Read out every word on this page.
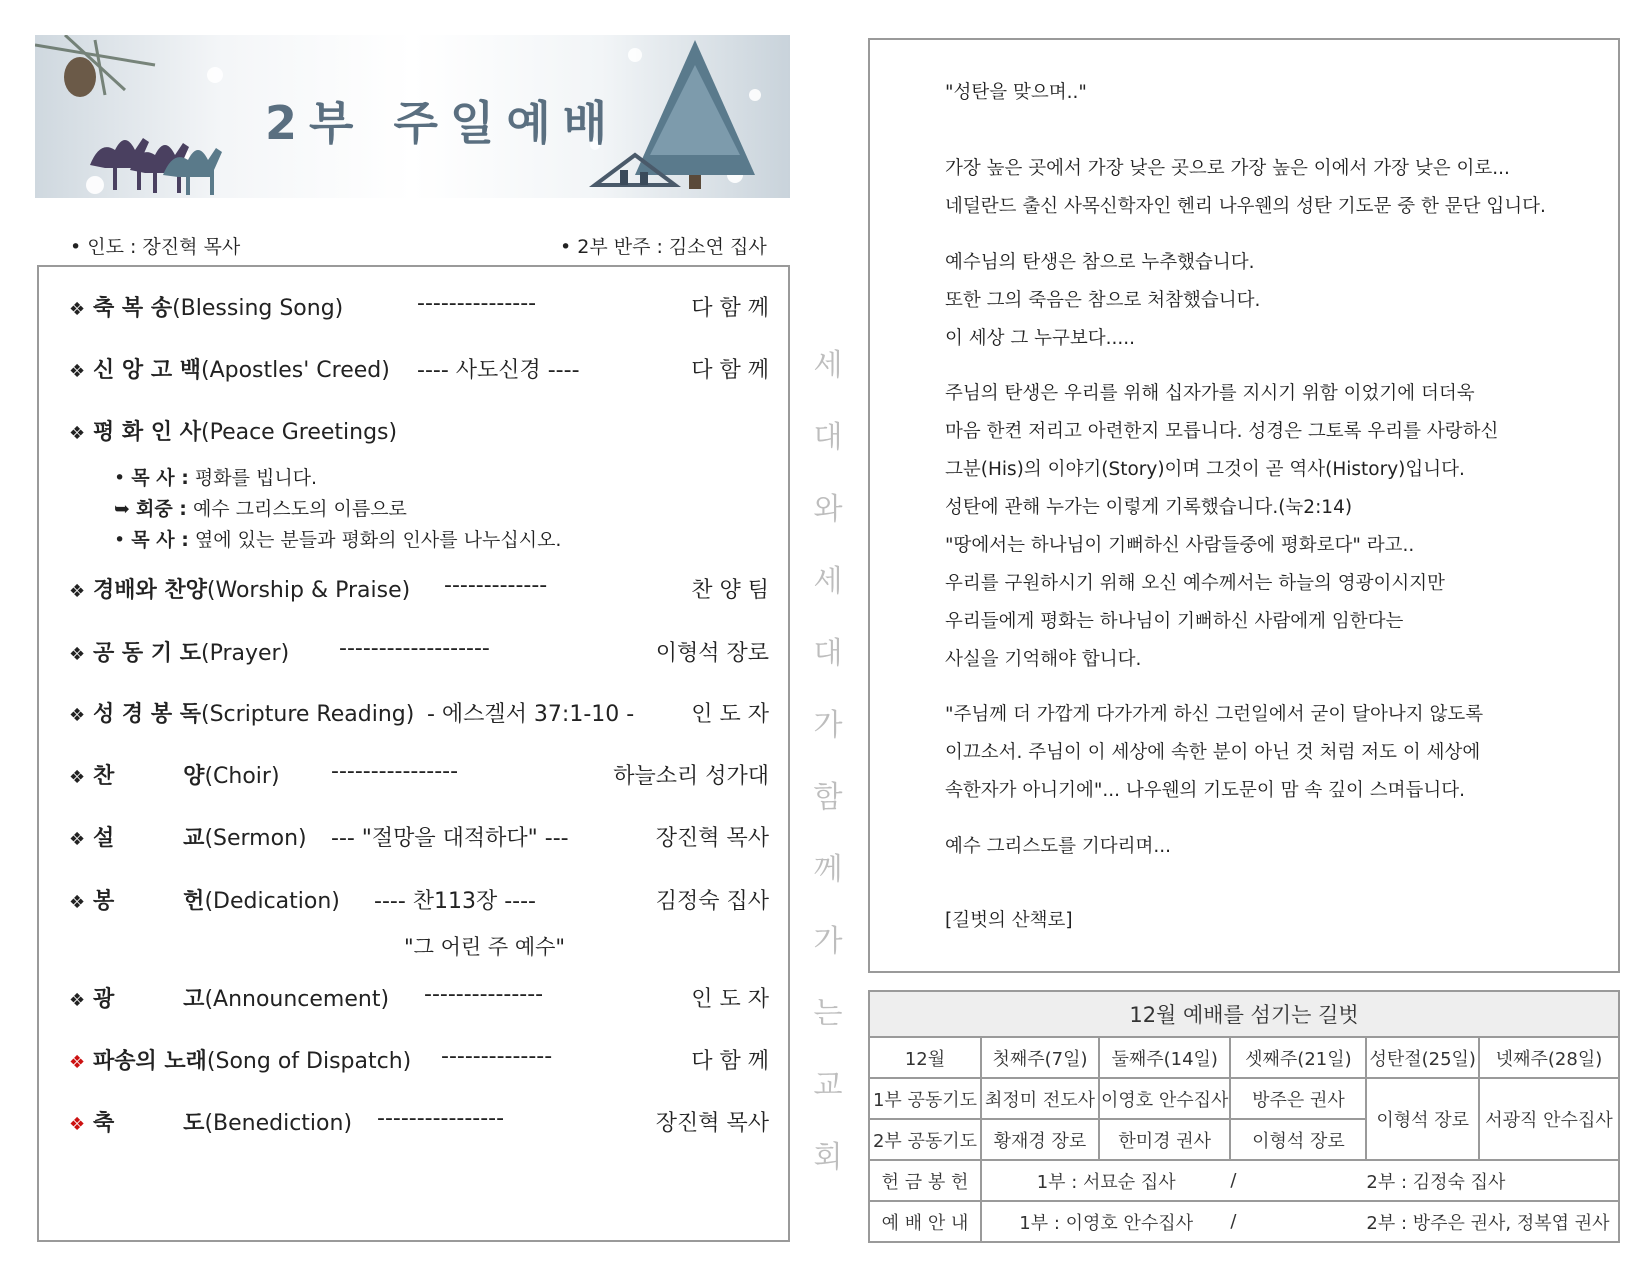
2부 주일예배
• 인도 : 장진혁 목사	• 2부 반주 : 김소연 집사
❖ 축 복 송(Blessing Song)	---------------	다 함 께
❖ 신 앙 고 백(Apostles' Creed) ---- 사도신경 ----	다 함 께
❖ 평 화 인 사(Peace Greetings)
• 목 사 : 평화를 빕니다.
➥ 회중 : 예수 그리스도의 이름으로
• 목 사 : 옆에 있는 분들과 평화의 인사를 나누십시오.
❖ 경배와 찬양(Worship & Praise) -------------	찬 양 팀
❖ 공 동 기 도(Prayer) -------------------	이형석 장로
❖ 성 경 봉 독(Scripture Reading) - 에스겔서 37:1-10 -	인 도 자
❖ 찬         양(Choir) ----------------	하늘소리 성가대
❖ 설         교(Sermon) --- "절망을 대적하다" ---	장진혁 목사
❖ 봉         헌(Dedication) ---- 찬113장 ----	김정숙 집사
"그 어린 주 예수"
❖ 광         고(Announcement) ---------------	인 도 자
❖ 파송의 노래(Song of Dispatch) --------------	다 함 께
❖ 축         도(Benediction) ----------------	장진혁 목사
세
대
와
세
대
가
함
께
가
는
교
회
"성탄을 맞으며.."
가장 높은 곳에서 가장 낮은 곳으로 가장 높은 이에서 가장 낮은 이로...
네덜란드 출신 사목신학자인 헨리 나우웬의 성탄 기도문 중 한 문단 입니다.
예수님의 탄생은 참으로 누추했습니다.
또한 그의 죽음은 참으로 처참했습니다.
이 세상 그 누구보다.....
주님의 탄생은 우리를 위해 십자가를 지시기 위함 이었기에 더더욱
마음 한켠 저리고 아련한지 모릅니다. 성경은 그토록 우리를 사랑하신
그분(His)의 이야기(Story)이며 그것이 곧 역사(History)입니다.
성탄에 관해 누가는 이렇게 기록했습니다.(눅2:14)
"땅에서는 하나님이 기뻐하신 사람들중에 평화로다" 라고..
우리를 구원하시기 위해 오신 예수께서는 하늘의 영광이시지만
우리들에게 평화는 하나님이 기뻐하신 사람에게 임한다는
사실을 기억해야 합니다.
"주님께 더 가깝게 다가가게 하신 그런일에서 굳이 달아나지 않도록
이끄소서. 주님이 이 세상에 속한 분이 아닌 것 처럼 저도 이 세상에
속한자가 아니기에"... 나우웬의 기도문이 맘 속 깊이 스며듭니다.
예수 그리스도를 기다리며...
[길벗의 산책로]
12월 예배를 섬기는 길벗					
12월	첫째주(7일)	둘째주(14일)	셋째주(21일)	성탄절(25일)	넷째주(28일)
1부 공동기도	최정미 전도사	이영호 안수집사	방주은 권사	이형석 장로	서광직 안수집사
2부 공동기도	황재경 장로	한미경 권사	이형석 장로		
헌 금 봉 헌	1부 : 서묘순 집사		/	2부 : 김정숙 집사	
예 배 안 내	1부 : 이영호 안수집사		/	2부 : 방주은 권사, 정복엽 권사	
